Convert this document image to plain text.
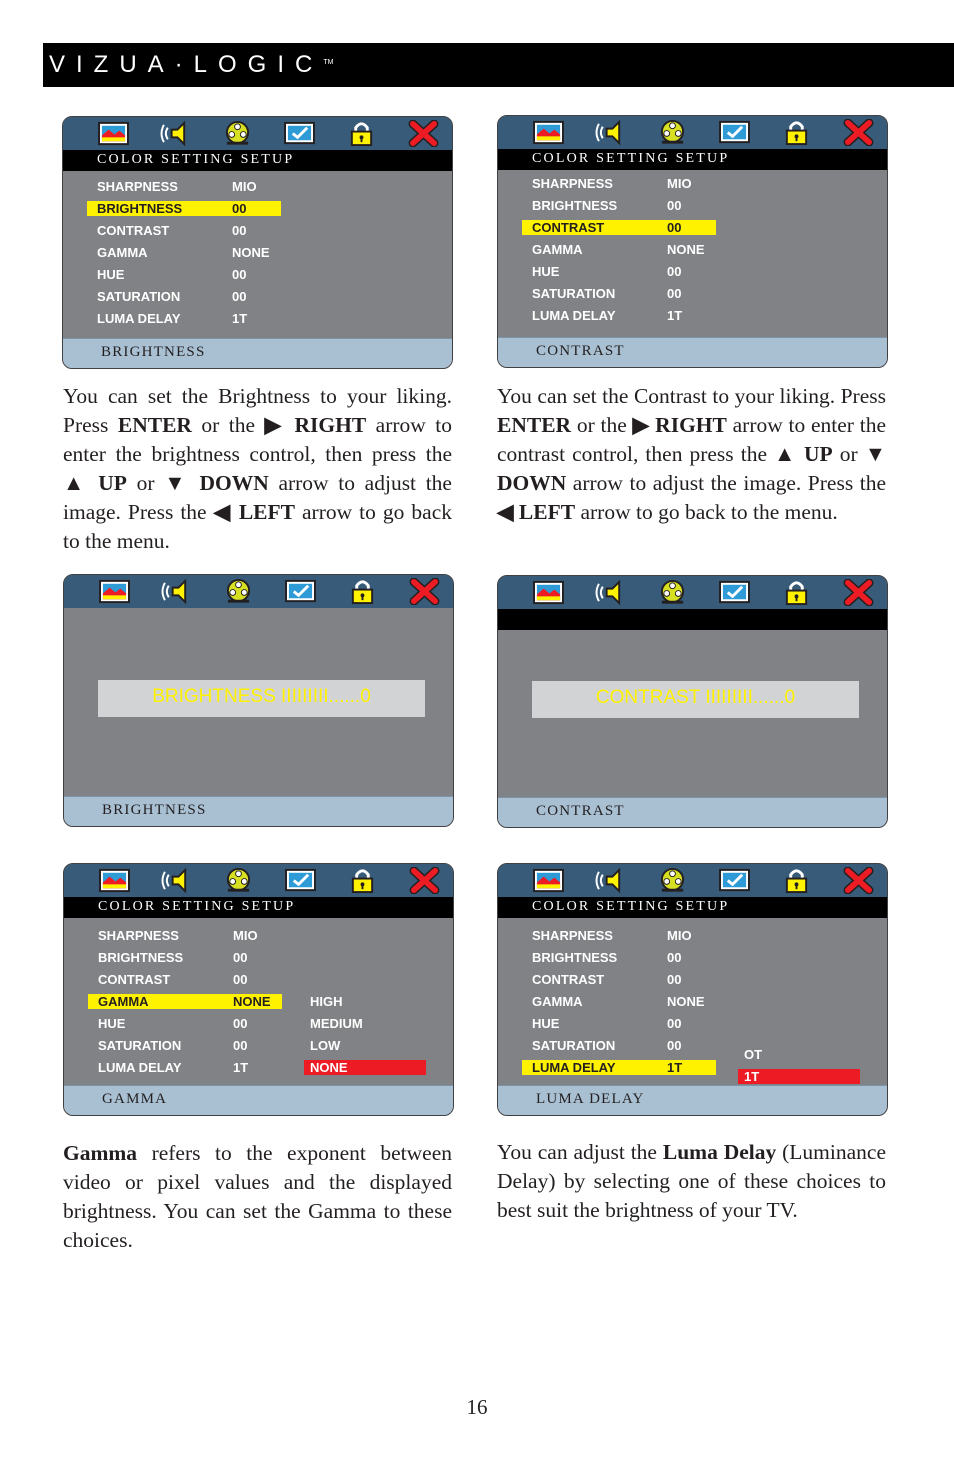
VIZUA·LOGIC™
COLOR SETTING SETUP
SHARPNESS	MIO
BRIGHTNESS	00
CONTRAST	00
GAMMA	NONE
HUE	00
SATURATION	00
LUMA DELAY	1T
BRIGHTNESS
COLOR SETTING SETUP
SHARPNESS	MIO
BRIGHTNESS	00
CONTRAST	00
GAMMA	NONE
HUE	00
SATURATION	00
LUMA DELAY	1T
CONTRAST

You can set the Brightness to your liking. Press ENTER or the ▶ RIGHT arrow to enter the brightness control, then press the ▲ UP or ▼ DOWN arrow to adjust the image. Press the ◀ LEFT arrow to go back to the menu.

You can set the Contrast to your liking. Press ENTER or the ▶ RIGHT arrow to enter the contrast control, then press the ▲ UP or ▼ DOWN arrow to adjust the image. Press the ◀ LEFT arrow to go back to the menu.

BRIGHTNESS IIIIIIIII......0
BRIGHTNESS
CONTRAST IIIIIIIII......0
CONTRAST
COLOR SETTING SETUP
SHARPNESS	MIO
BRIGHTNESS	00
CONTRAST	00
GAMMA	NONE
HUE	00
SATURATION	00
LUMA DELAY	1T
HIGH
MEDIUM
LOW
NONE
GAMMA
COLOR SETTING SETUP
SHARPNESS	MIO
BRIGHTNESS	00
CONTRAST	00
GAMMA	NONE
HUE	00
SATURATION	00
LUMA DELAY	1T
OT
1T
LUMA DELAY

Gamma refers to the exponent between video or pixel values and the displayed brightness. You can set the Gamma to these choices.

You can adjust the Luma Delay (Luminance Delay) by selecting one of these choices to best suit the brightness of your TV.

16
